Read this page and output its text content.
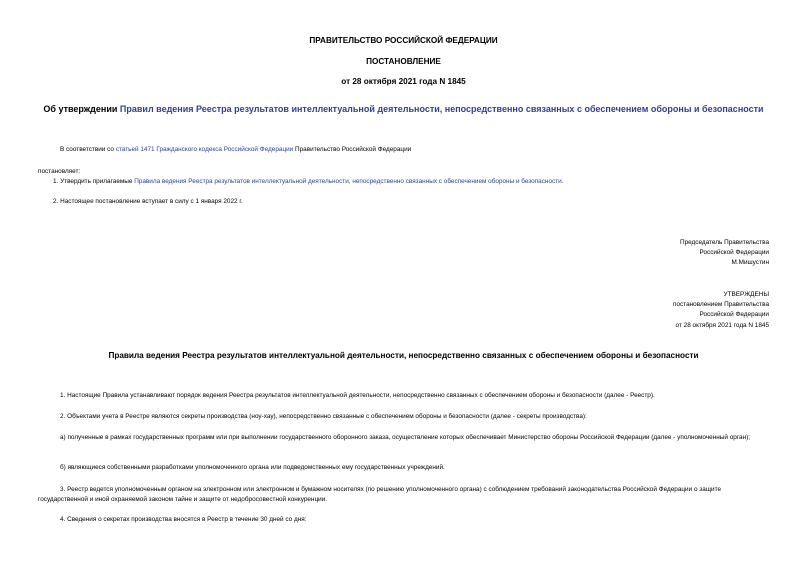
ПРАВИТЕЛЬСТВО РОССИЙСКОЙ ФЕДЕРАЦИИ
ПОСТАНОВЛЕНИЕ
от 28 октября 2021 года N 1845
Об утверждении Правил ведения Реестра результатов интеллектуальной деятельности, непосредственно связанных с обеспечением обороны и безопасности
В соответствии со статьей 1471 Гражданского кодекса Российской Федерации Правительство Российской Федерации
постановляет:
1. Утвердить прилагаемые Правила ведения Реестра результатов интеллектуальной деятельности, непосредственно связанных с обеспечением обороны и безопасности.
2. Настоящее постановление вступает в силу с 1 января 2022 г.
Председатель Правительства
Российской Федерации
М.Мишустин
УТВЕРЖДЕНЫ
постановлением Правительства
Российской Федерации
от 28 октября 2021 года N 1845
Правила ведения Реестра результатов интеллектуальной деятельности, непосредственно связанных с обеспечением обороны и безопасности
1. Настоящие Правила устанавливают порядок ведения Реестра результатов интеллектуальной деятельности, непосредственно связанных с обеспечением обороны и безопасности (далее - Реестр).
2. Объектами учета в Реестре являются секреты производства (ноу-хау), непосредственно связанные с обеспечением обороны и безопасности (далее - секреты производства):
а) полученные в рамках государственных программ или при выполнении государственного оборонного заказа, осуществление которых обеспечивает Министерство обороны Российской Федерации (далее - уполномоченный орган);
б) являющиеся собственными разработками уполномоченного органа или подведомственных ему государственных учреждений.
3. Реестр ведется уполномоченным органом на электронном или электронном и бумажном носителях (по решению уполномоченного органа) с соблюдением требований законодательства Российской Федерации о защите государственной и иной охраняемой законом тайне и защите от недобросовестной конкуренции.
4. Сведения о секретах производства вносятся в Реестр в течение 30 дней со дня:
